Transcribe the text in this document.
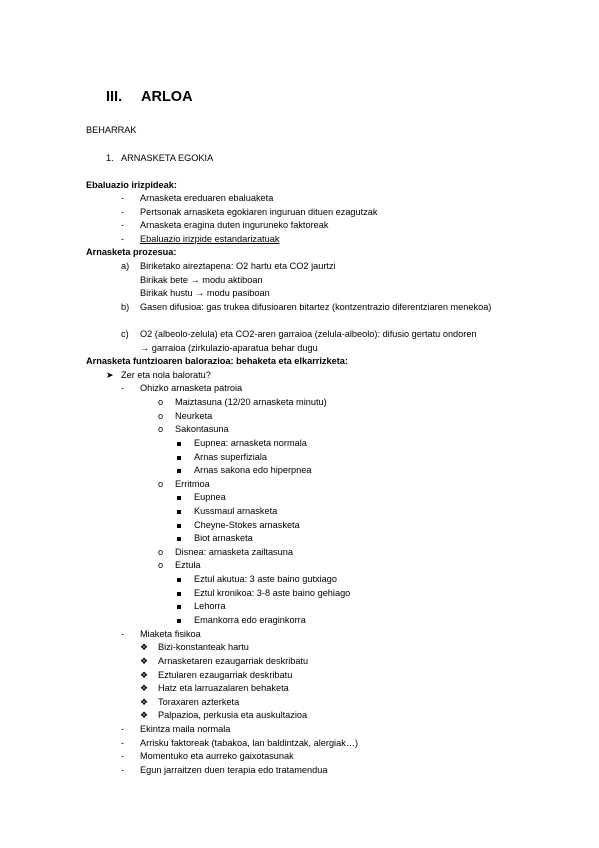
III. ARLOA
BEHARRAK
1. ARNASKETA EGOKIA
Ebaluazio irizpideak:
-
Arnasketa ereduaren ebaluaketa
-
Pertsonak arnasketa egokiaren inguruan dituen ezagutzak
-
Arnasketa eragina duten inguruneko faktoreak
-
Ebaluazio irizpide estandarizatuak
Arnasketa prozesua:
a) Biriketako aireztapena: O2 hartu eta CO2 jaurtzi
Birikak bete → modu aktiboan
Birikak hustu → modu pasiboan
b) Gasen difusioa: gas trukea difusioaren bitartez (kontzentrazio diferentziaren menekoa)
c) O2 (albeolo-zelula) eta CO2-aren garraioa (zelula-albeolo): difusio gertatu ondoren
→ garraioa (zirkulazio-aparatua behar dugu
Arnasketa funtzioaren balorazioa: behaketa eta elkarrizketa:
➤ Zer eta nola baloratu?
-
Ohizko arnasketa patroia
o
Maiztasuna (12/20 arnasketa minutu)
o
Neurketa
o
Sakontasuna
Eupnea: arnasketa normala
Arnas superfiziala
Arnas sakona edo hiperpnea
o
Erritmoa
Eupnea
Kussmaul arnasketa
Cheyne-Stokes arnasketa
Biot arnasketa
o
Disnea: arnasketa zailtasuna
o
Eztula
Eztul akutua: 3 aste baino gutxiago
Eztul kronikoa: 3-8 aste baino gehiago
Lehorra
Emankorra edo eraginkorra
-
Miaketa fisikoa
❖ Bizi-konstanteak hartu
❖ Arnasketaren ezaugarriak deskribatu
❖ Eztularen ezaugarriak deskribatu
❖ Hatz eta larruazalaren behaketa
❖ Toraxaren azterketa
❖ Palpazioa, perkusia eta auskultazioa
-
Ekintza maila normala
-
Arrisku faktoreak (tabakoa, lan baldintzak, alergiak…)
-
Momentuko eta aurreko gaixotasunak
-
Egun jarraitzen duen terapia edo tratamendua
